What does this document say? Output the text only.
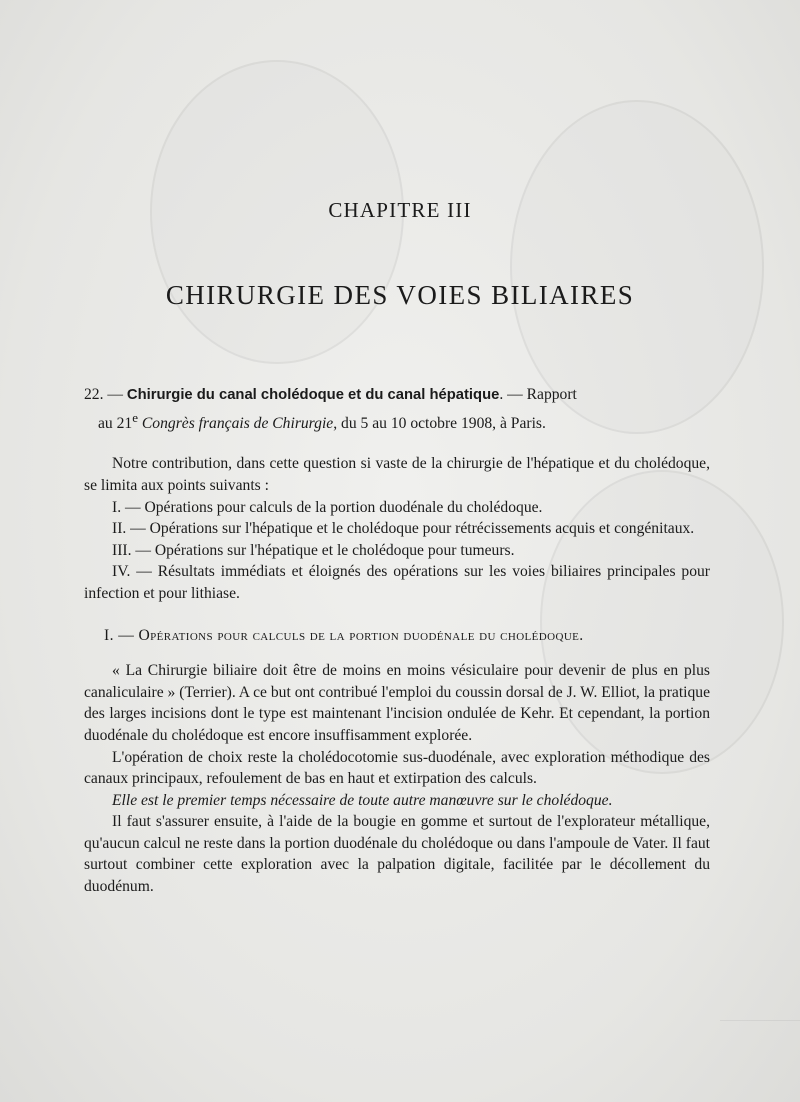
CHAPITRE III
CHIRURGIE DES VOIES BILIAIRES

22. — Chirurgie du canal cholédoque et du canal hépatique. — Rapport

au 21e Congrès français de Chirurgie, du 5 au 10 octobre 1908, à Paris.

Notre contribution, dans cette question si vaste de la chirurgie de l'hépatique et du cholédoque, se limita aux points suivants :

I. — Opérations pour calculs de la portion duodénale du cholédoque.

II. — Opérations sur l'hépatique et le cholédoque pour rétrécissements acquis et congénitaux.

III. — Opérations sur l'hépatique et le cholédoque pour tumeurs.

IV. — Résultats immédiats et éloignés des opérations sur les voies biliaires principales pour infection et pour lithiase.

I. — Opérations pour calculs de la portion duodénale du cholédoque.

« La Chirurgie biliaire doit être de moins en moins vésiculaire pour devenir de plus en plus canaliculaire » (Terrier). A ce but ont contribué l'emploi du coussin dorsal de J. W. Elliot, la pratique des larges incisions dont le type est maintenant l'incision ondulée de Kehr. Et cependant, la portion duodénale du cholédoque est encore insuffisamment explorée.

L'opération de choix reste la cholédocotomie sus-duodénale, avec exploration méthodique des canaux principaux, refoulement de bas en haut et extirpation des calculs.

Elle est le premier temps nécessaire de toute autre manœuvre sur le cholédoque.

Il faut s'assurer ensuite, à l'aide de la bougie en gomme et surtout de l'explorateur métallique, qu'aucun calcul ne reste dans la portion duodénale du cholédoque ou dans l'ampoule de Vater. Il faut surtout combiner cette exploration avec la palpation digitale, facilitée par le décollement du duodénum.
